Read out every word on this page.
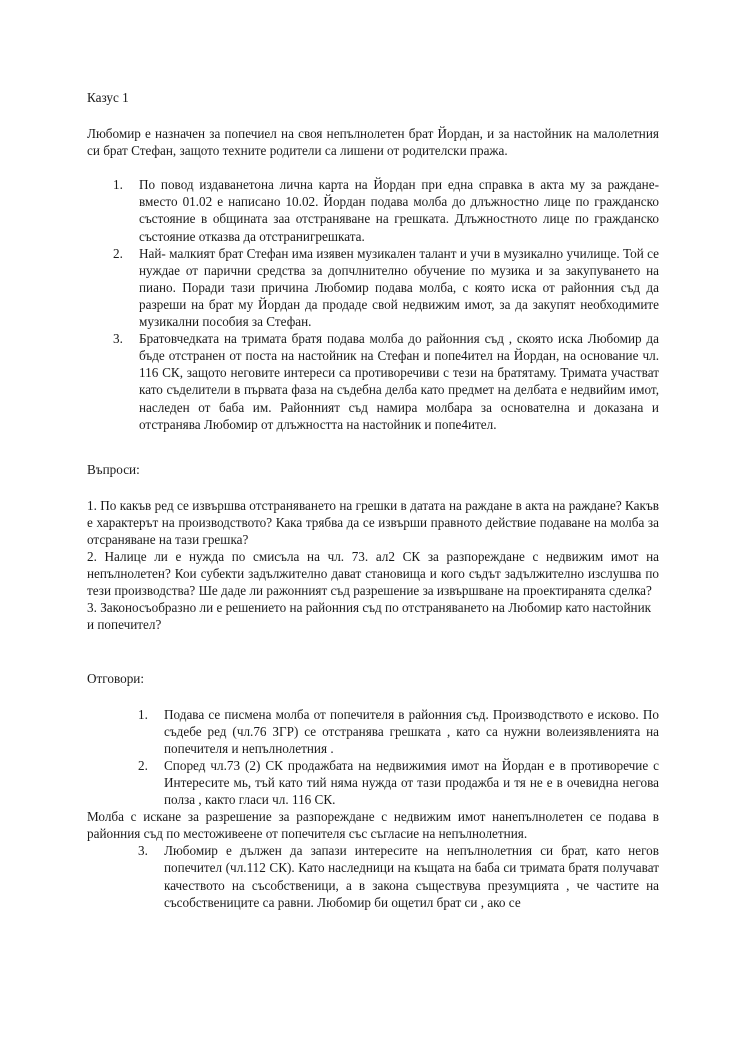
Казус 1

Любомир е назначен за попечиел на своя непълнолетен брат Йордан, и за настойник на малолетния си брат Стефан, защото техните родители са лишени от родителски пража.

1.	По повод издаванетона лична карта на Йордан при една справка в акта му за раждане- вместо 01.02 е написано 10.02. Йордан подава молба до длъжностно лице по гражданско състояние в общината заа отстраняване на грешката. Длъжностното лице по гражданско състояние отказва да отстранигрешката.
2.	Най- малкият брат Стефан има изявен музикален талант и учи в музикално училище. Той се нуждае от парични средства за допчлнително обучение по музика и за закупуването на пиано. Поради тази причина Любомир подава молба, с която иска от районния съд да разреши на брат му Йордан да продаде свой недвижим имот, за да закупят необходимите музикални пособия за Стефан.
3.	Братовчедката на тримата братя подава молба до районния съд , скоято иска Любомир да бъде отстранен от поста на настойник на Стефан и попе4ител на Йордан, на основание чл. 116 СК, защото неговите интереси са противоречиви с тези на братятаму. Тримата участват като съделители в първата фаза на съдебна делба като предмет на делбата е недвийим имот, наследен от баба им. Районният съд намира молбара за основателна и доказана и отстранява Любомир от длъжността на настойник и попе4ител.

Въпроси:

1. По какъв ред се извършва отстраняването на грешки в датата на раждане в акта на раждане? Какъв е характерът на производството? Кака трябва да се извърши правното действие подаване на молба за отсраняване на тази грешка?

2. Налице ли е нужда по смисъла на чл. 73. ал2 СК за разпореждане с недвижим имот на непълнолетен? Кои субекти задължително дават становища и кого съдът задължително изслушва по тези производства? Ше даде ли ражонният съд разрешение за извършване на проектиранята сделка?

3. Законосъобразно ли е решението на районния съд по отстраняването на Любомир като настойник и попечител?

Отговори:

1.	Подава се писмена молба от попечителя в районния съд. Производството е исково. По съдебе ред (чл.76 ЗГР) се отстранява грешката , като са нужни волеизявленията на попечителя и непълнолетния .
2.	Според чл.73 (2) СК продажбата на недвижимия имот на Йордан е в противоречие с Интересите мь, тъй като тий няма нужда от тази продажба и тя не е в очевидна негова полза , както гласи чл. 116 СК.

Молба с искане за разрешение за разпореждане с недвижим имот нанепълнолетен се подава в районния съд по местоживеене от попечителя със съгласие на непълнолетния.

3.	Любомир е дължен да запази интересите на непълнолетния си брат, като негов попечител (чл.112 СК). Като наследници на къщата на баба си тримата братя получават качеството на съсобственици, а в закона съществува презумцията , че частите на съсобствениците са равни. Любомир би ощетил брат си , ако се
